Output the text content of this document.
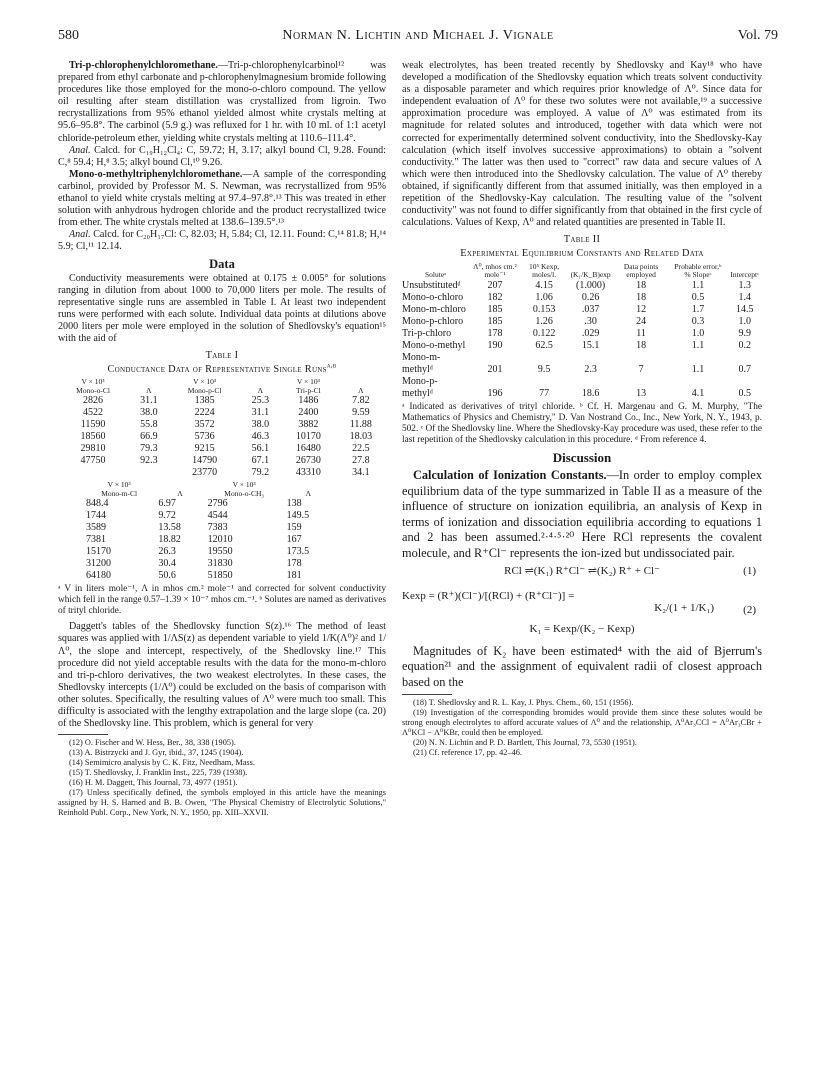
580	Norman N. Lichtin and Michael J. Vignale	Vol. 79

Tri-p-chlorophenylchloromethane.—Tri-p-chlorophenylcarbinol¹² was prepared from ethyl carbonate and p-chlorophenylmagnesium bromide following procedures like those employed for the mono-o-chloro compound. The yellow oil resulting after steam distillation was crystallized from ligroin. Two recrystallizations from 95% ethanol yielded almost white crystals melting at 95.6–95.8°. The carbinol (5.9 g.) was refluxed for 1 hr. with 10 ml. of 1:1 acetyl chloride-petroleum ether, yielding white crystals melting at 110.6–111.4°.

Anal. Calcd. for C₁₉H₁₂Cl₄: C, 59.72; H, 3.17; alkyl bound Cl, 9.28. Found: C,⁸ 59.4; H,⁸ 3.5; alkyl bound Cl,¹⁰ 9.26.

Mono-o-methyltriphenylchloromethane.—A sample of the corresponding carbinol, provided by Professor M. S. Newman, was recrystallized from 95% ethanol to yield white crystals melting at 97.4–97.8°.¹³ This was treated in ether solution with anhydrous hydrogen chloride and the product recrystallized twice from ether. The white crystals melted at 138.6–139.5°.¹³

Anal. Calcd. for C₂₀H₁₇Cl: C, 82.03; H, 5.84; Cl, 12.11. Found: C,¹⁴ 81.8; H,¹⁴ 5.9; Cl,¹¹ 12.14.

Data

Conductivity measurements were obtained at 0.175 ± 0.005° for solutions ranging in dilution from about 1000 to 70,000 liters per mole. The results of representative single runs are assembled in Table I. At least two independent runs were performed with each solute. Individual data points at dilutions above 2000 liters per mole were employed in the solution of Shedlovsky's equation¹⁵ with the aid of

Table I
Conductance Data of Representative Single Runs$^{a,b}$
V × 10³
Mono-o-Cl	Λ	V × 10³
Mono-p-Cl	Λ	V × 10³
Tri-p-Cl	Λ
2826	31.1	1385	25.3	1486	7.82
4522	38.0	2224	31.1	2400	9.59
11590	55.8	3572	38.0	3882	11.88
18560	66.9	5736	46.3	10170	18.03
29810	79.3	9215	56.1	16480	22.5
47750	92.3	14790	67.1	26730	27.8
		23770	79.2	43310	34.1
V × 10³
Mono-m-Cl	Λ	V × 10³
Mono-o-CH₃	Λ
848.4	6.97	2796	138
1744	9.72	4544	149.5
3589	13.58	7383	159
7381	18.82	12010	167
15170	26.3	19550	173.5
31200	30.4	31830	178
64180	50.6	51850	181
ᵃ V in liters mole⁻¹, Λ in mhos cm.² mole⁻¹ and corrected for solvent conductivity which fell in the range 0.57–1.39 × 10⁻⁷ mhos cm.⁻¹. ᵇ Solutes are named as derivatives of trityl chloride.

Daggett's tables of the Shedlovsky function S(z).¹⁶ The method of least squares was applied with 1/ΛS(z) as dependent variable to yield 1/K(Λ⁰)² and 1/Λ⁰, the slope and intercept, respectively, of the Shedlovsky line.¹⁷ This procedure did not yield acceptable results with the data for the mono-m-chloro and tri-p-chloro derivatives, the two weakest electrolytes. In these cases, the Shedlovsky intercepts (1/Λ⁰) could be excluded on the basis of comparison with other solutes. Specifically, the resulting values of Λ⁰ were much too small. This difficulty is associated with the lengthy extrapolation and the large slope (ca. 20) of the Shedlovsky line. This problem, which is general for very

(12) O. Fischer and W. Hess, Ber., 38, 338 (1905).

(13) A. Bistrzycki and J. Gyr, ibid., 37, 1245 (1904).

(14) Semimicro analysis by C. K. Fitz, Needham, Mass.

(15) T. Shedlovsky, J. Franklin Inst., 225, 739 (1938).

(16) H. M. Daggett, This Journal, 73, 4977 (1951).

(17) Unless specifically defined, the symbols employed in this article have the meanings assigned by H. S. Harned and B. B. Owen, "The Physical Chemistry of Electrolytic Solutions," Reinhold Publ. Corp., New York, N. Y., 1950, pp. XIII–XXVII.

weak electrolytes, has been treated recently by Shedlovsky and Kay¹⁸ who have developed a modification of the Shedlovsky equation which treats solvent conductivity as a disposable parameter and which requires prior knowledge of Λ⁰. Since data for independent evaluation of Λ⁰ for these two solutes were not available,¹⁹ a successive approximation procedure was employed. A value of Λ⁰ was estimated from its magnitude for related solutes and introduced, together with data which were not corrected for experimentally determined solvent conductivity, into the Shedlovsky-Kay calculation (which itself involves successive approximations) to obtain a "solvent conductivity." The latter was then used to "correct" raw data and secure values of Λ which were then introduced into the Shedlovsky calculation. The value of Λ⁰ thereby obtained, if significantly different from that assumed initially, was then employed in a repetition of the Shedlovsky-Kay calculation. The resulting value of the "solvent conductivity" was not found to differ significantly from that obtained in the first cycle of calculations. Values of Kexp, Λ⁰ and related quantities are presented in Table II.

Table II
Experimental Equilibrium Constants and Related Data
Soluteᵃ	Λ⁰, mhos cm.² mole⁻¹	10⁵ Kexp, moles/l.	(K₁/K_B)exp	Data points employed	Probable error,ᵇ % Slopeᶜ	Interceptᶜ
Unsubstitutedᵈ	207	4.15	(1.000)	18	1.1	1.3
Mono-o-chloro	182	1.06	0.26	18	0.5	1.4
Mono-m-chloro	185	0.153	.037	12	1.7	14.5
Mono-p-chloro	185	1.26	.30	24	0.3	1.0
Tri-p-chloro	178	0.122	.029	11	1.0	9.9
Mono-o-methyl	190	62.5	15.1	18	1.1	0.2
Mono-m-methylᵈ	201	9.5	2.3	7	1.1	0.7
Mono-p-methylᵈ	196	77	18.6	13	4.1	0.5
ᵃ Indicated as derivatives of trityl chloride. ᵇ Cf. H. Margenau and G. M. Murphy, "The Mathematics of Physics and Chemistry," D. Van Nostrand Co., Inc., New York, N. Y., 1943, p. 502. ᶜ Of the Shedlovsky line. Where the Shedlovsky-Kay procedure was used, these refer to the last repetition of the Shedlovsky calculation in this procedure. ᵈ From reference 4.
Discussion

Calculation of Ionization Constants.—In order to employ complex equilibrium data of the type summarized in Table II as a measure of the influence of structure on ionization equilibria, an analysis of Kexp in terms of ionization and dissociation equilibria according to equations 1 and 2 has been assumed.²·⁴·⁵·²⁰ Here RCl represents the covalent molecule, and R⁺Cl⁻ represents the ion-ized but undissociated pair.

RCl ⇌(K₁) R⁺Cl⁻ ⇌(K₂) R⁺ + Cl⁻	(1)
Kexp = (R⁺)(Cl⁻)/[(RCl) + (R⁺Cl⁻)] =
K₂/(1 + 1/K₁)	(2)
K₁ = Kexp/(K₂ − Kexp)

Magnitudes of K₂ have been estimated⁴ with the aid of Bjerrum's equation²¹ and the assignment of equivalent radii of closest approach based on the

(18) T. Shedlovsky and R. L. Kay, J. Phys. Chem., 60, 151 (1956).

(19) Investigation of the corresponding bromides would provide them since these solutes would be strong enough electrolytes to afford accurate values of Λ⁰ and the relationship, Λ⁰Ar₃CCl = Λ⁰Ar₃CBr + Λ⁰KCl − Λ⁰KBr, could then be employed.

(20) N. N. Lichtin and P. D. Bartlett, This Journal, 73, 5530 (1951).

(21) Cf. reference 17, pp. 42–46.
